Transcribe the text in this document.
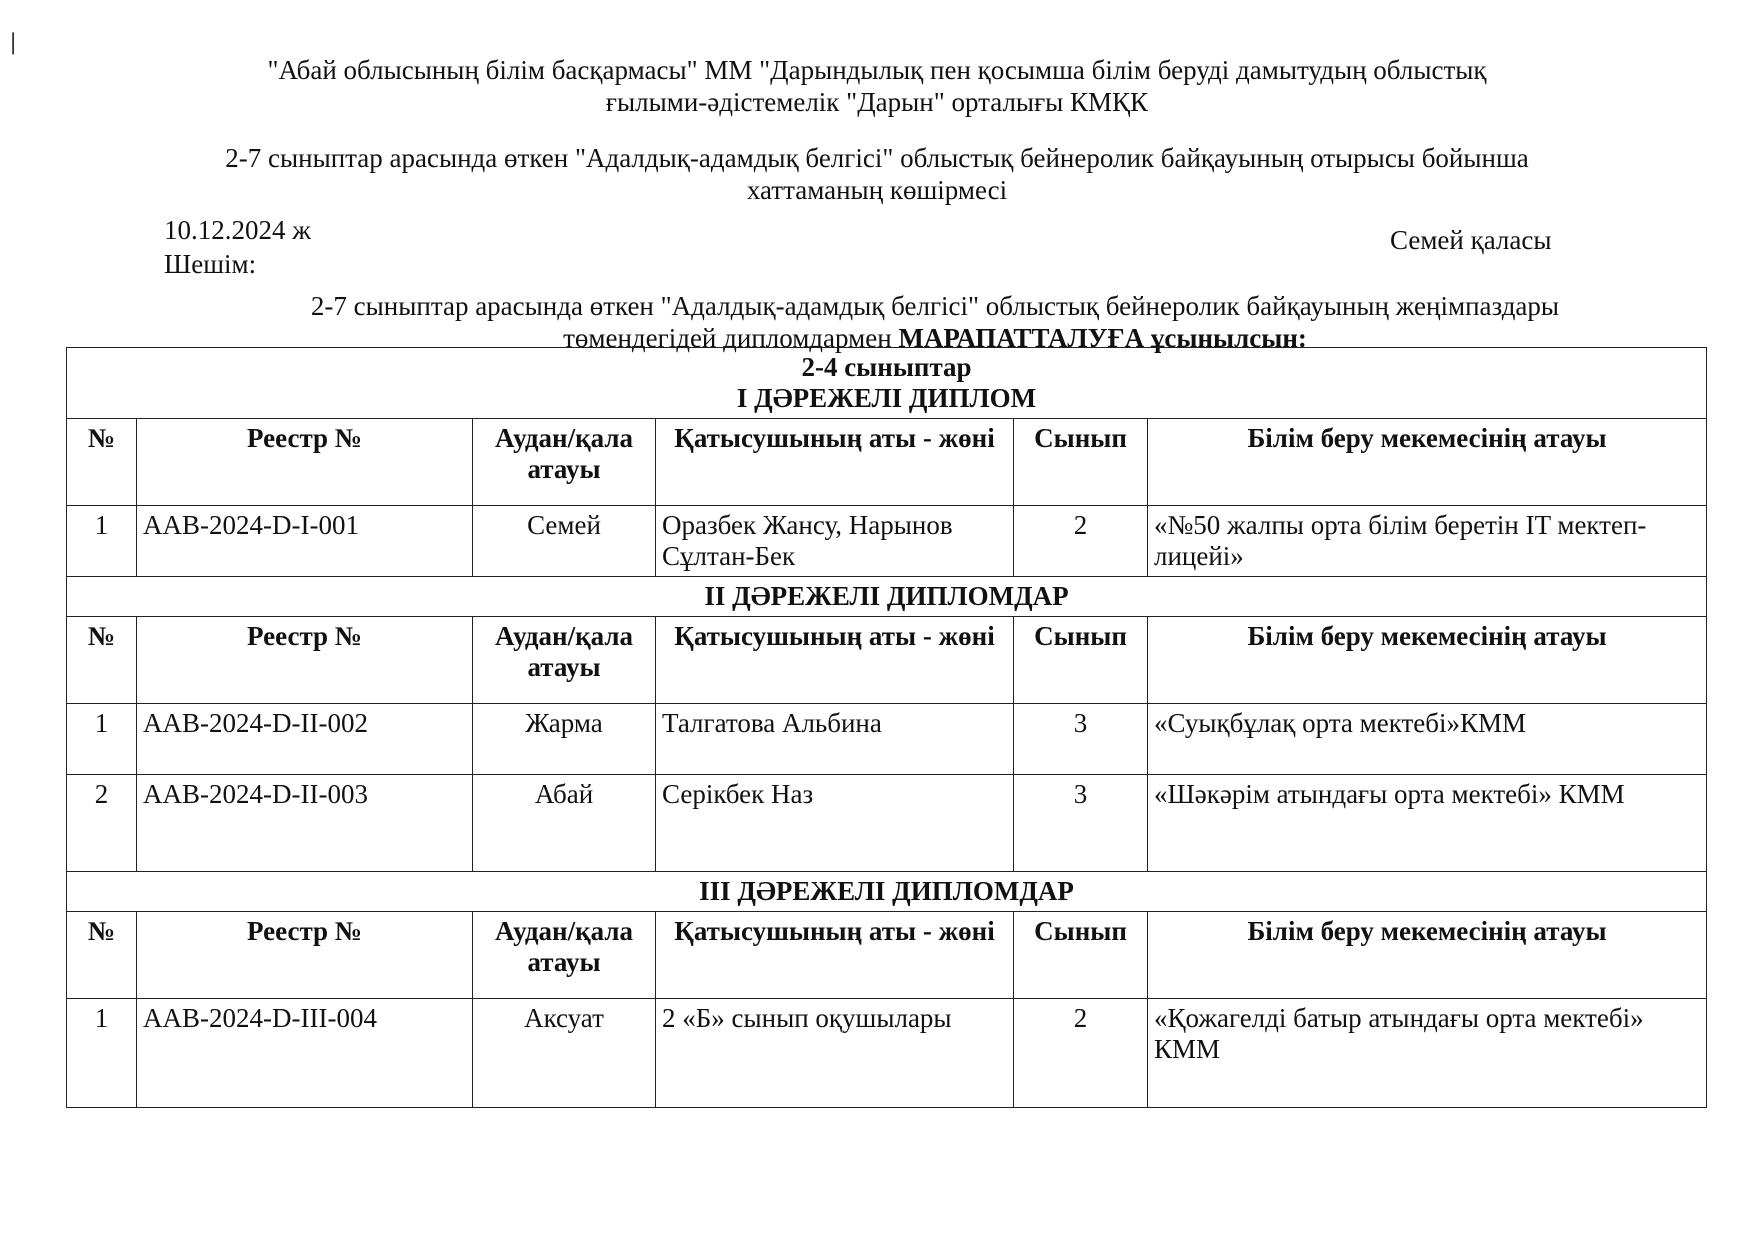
❘
"Абай облысының білім басқармасы" ММ "Дарындылық пен қосымша білім беруді дамытудың облыстық
ғылыми-әдістемелік "Дарын" орталығы КМҚК
2-7 сыныптар арасында өткен "Адалдық-адамдық белгісі" облыстық бейнеролик байқауының отырысы бойынша
хаттаманың көшірмесі
10.12.2024 ж	Семей қаласы
Шешім:
2-7 сыныптар арасында өткен "Адалдық-адамдық белгісі" облыстық бейнеролик байқауының жеңімпаздары төмендегідей дипломдармен МАРАПАТТАЛУҒА ұсынылсын:
2-4 сыныптар
I ДӘРЕЖЕЛІ ДИПЛОМ					

№	Реестр №	Аудан/қала атауы	Қатысушының аты - жөні	Сынып	Білім беру мекемесінің атауы
1	AAB-2024-D-I-001	Семей	Оразбек Жансу, Нарынов Сұлтан-Бек	2	«№50 жалпы орта білім беретін IT мектеп-лицейі»
II ДӘРЕЖЕЛІ ДИПЛОМДАР					
№	Реестр №	Аудан/қала атауы	Қатысушының аты - жөні	Сынып	Білім беру мекемесінің атауы
1	AAB-2024-D-II-002	Жарма	Талгатова Альбина	3	«Суықбұлақ орта мектебі»КММ
2	AAB-2024-D-II-003	Абай	Серікбек Наз	3	«Шәкәрім атындағы орта мектебі» КММ
III ДӘРЕЖЕЛІ ДИПЛОМДАР					
№	Реестр №	Аудан/қала атауы	Қатысушының аты - жөні	Сынып	Білім беру мекемесінің атауы
1	AAB-2024-D-III-004	Аксуат	2 «Б» сынып оқушылары	2	«Қожагелді батыр атындағы орта мектебі» КММ
